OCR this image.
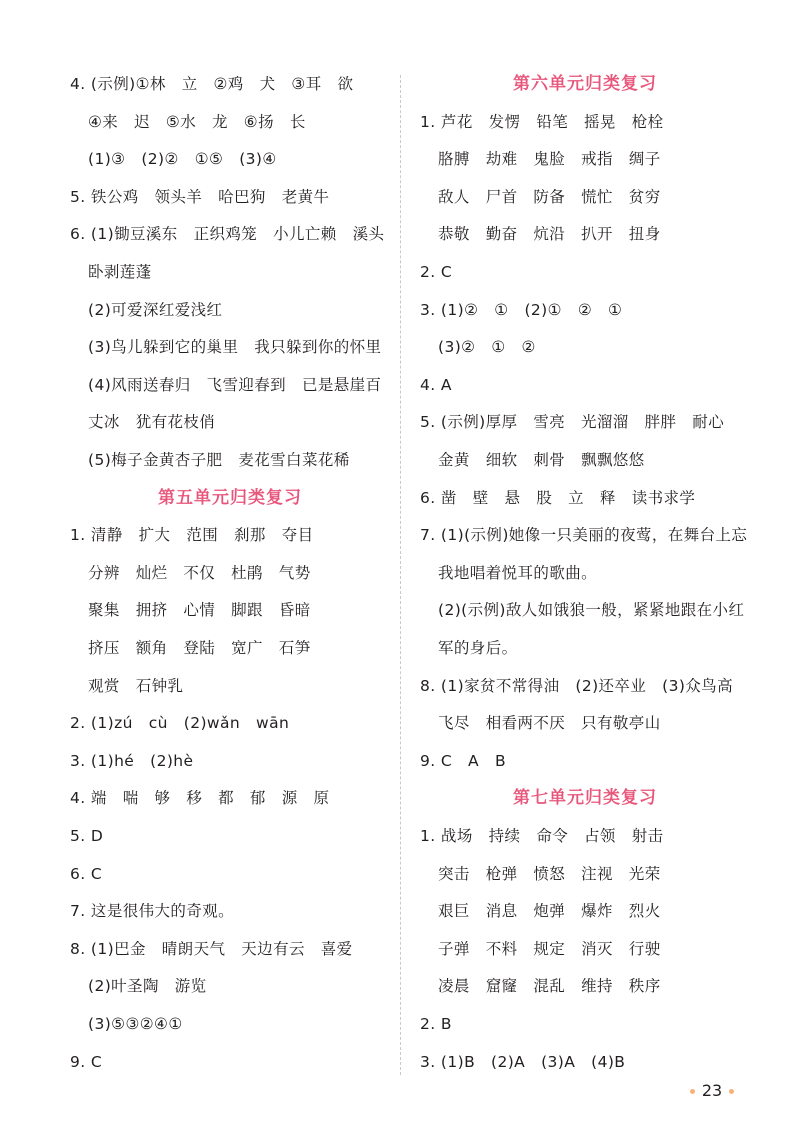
4. (示例)①林　立　②鸡　犬　③耳　欲
④来　迟　⑤水　龙　⑥扬　长
(1)③　(2)②　①⑤　(3)④
5. 铁公鸡　领头羊　哈巴狗　老黄牛
6. (1)锄豆溪东　正织鸡笼　小儿亡赖　溪头
卧剥莲蓬
(2)可爱深红爱浅红
(3)鸟儿躲到它的巢里　我只躲到你的怀里
(4)风雨送春归　飞雪迎春到　已是悬崖百
丈冰　犹有花枝俏
(5)梅子金黄杏子肥　麦花雪白菜花稀
第五单元归类复习
1. 清静　扩大　范围　刹那　夺目
分辨　灿烂　不仅　杜鹃　气势
聚集　拥挤　心情　脚跟　昏暗
挤压　额角　登陆　宽广　石笋
观赏　石钟乳
2. (1)zú　cù　(2)wǎn　wān
3. (1)hé　(2)hè
4. 端　喘　够　移　都　郁　源　原
5. D
6. C
7. 这是很伟大的奇观。
8. (1)巴金　晴朗天气　天边有云　喜爱
(2)叶圣陶　游览
(3)⑤③②④①
9. C
第六单元归类复习
1. 芦花　发愣　铅笔　摇晃　枪栓
胳膊　劫难　鬼脸　戒指　绸子
敌人　尸首　防备　慌忙　贫穷
恭敬　勤奋　炕沿　扒开　扭身
2. C
3. (1)②　①　(2)①　②　①
(3)②　①　②
4. A
5. (示例)厚厚　雪亮　光溜溜　胖胖　耐心
金黄　细软　刺骨　飘飘悠悠
6. 凿　壁　悬　股　立　释　读书求学
7. (1)(示例)她像一只美丽的夜莺，在舞台上忘
我地唱着悦耳的歌曲。
(2)(示例)敌人如饿狼一般，紧紧地跟在小红
军的身后。
8. (1)家贫不常得油　(2)还卒业　(3)众鸟高
飞尽　相看两不厌　只有敬亭山
9. C　A　B
第七单元归类复习
1. 战场　持续　命令　占领　射击
突击　枪弹　愤怒　注视　光荣
艰巨　消息　炮弹　爆炸　烈火
子弹　不料　规定　消灭　行驶
凌晨　窟窿　混乱　维持　秩序
2. B
3. (1)B　(2)A　(3)A　(4)B
23
